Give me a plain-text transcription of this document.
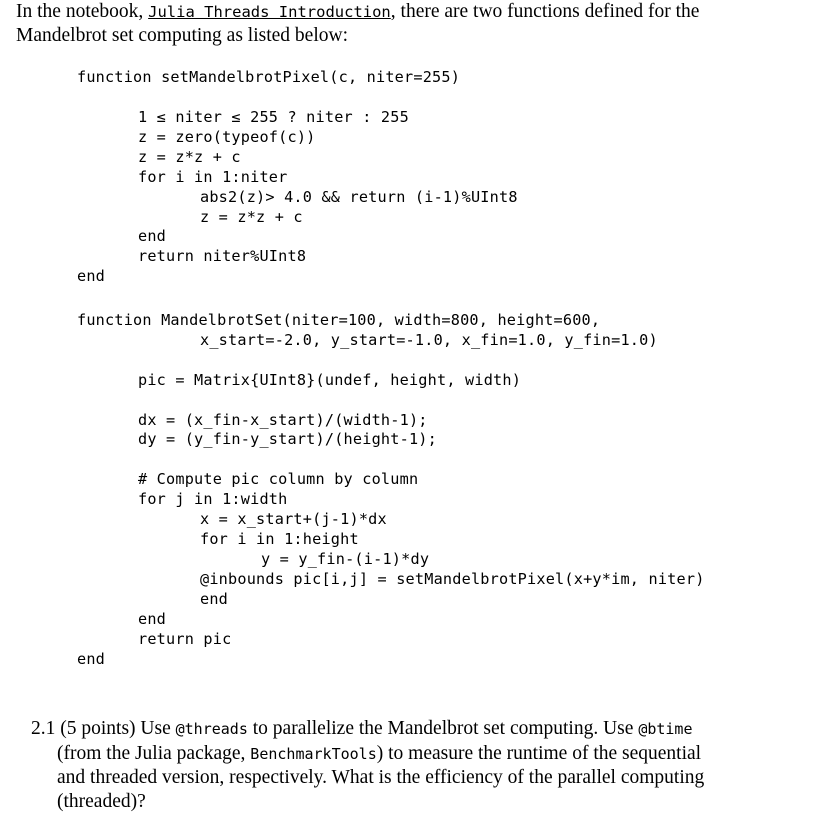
In the notebook, Julia Threads Introduction, there are two functions defined for the
Mandelbrot set computing as listed below:
function setMandelbrotPixel(c, niter=255)
1 ≤ niter ≤ 255 ? niter : 255
z = zero(typeof(c))
z = z*z + c
for i in 1:niter
abs2(z)> 4.0 && return (i-1)%UInt8
z = z*z + c
end
return niter%UInt8
end
function MandelbrotSet(niter=100, width=800, height=600,
x_start=-2.0, y_start=-1.0, x_fin=1.0, y_fin=1.0)
pic = Matrix{UInt8}(undef, height, width)
dx = (x_fin-x_start)/(width-1);
dy = (y_fin-y_start)/(height-1);
# Compute pic column by column
for j in 1:width
x = x_start+(j-1)*dx
for i in 1:height
y = y_fin-(i-1)*dy
@inbounds pic[i,j] = setMandelbrotPixel(x+y*im, niter)
end
end
return pic
end
2.1 (5 points) Use @threads to parallelize the Mandelbrot set computing. Use @btime
(from the Julia package, BenchmarkTools) to measure the runtime of the sequential
and threaded version, respectively. What is the efficiency of the parallel computing
(threaded)?
